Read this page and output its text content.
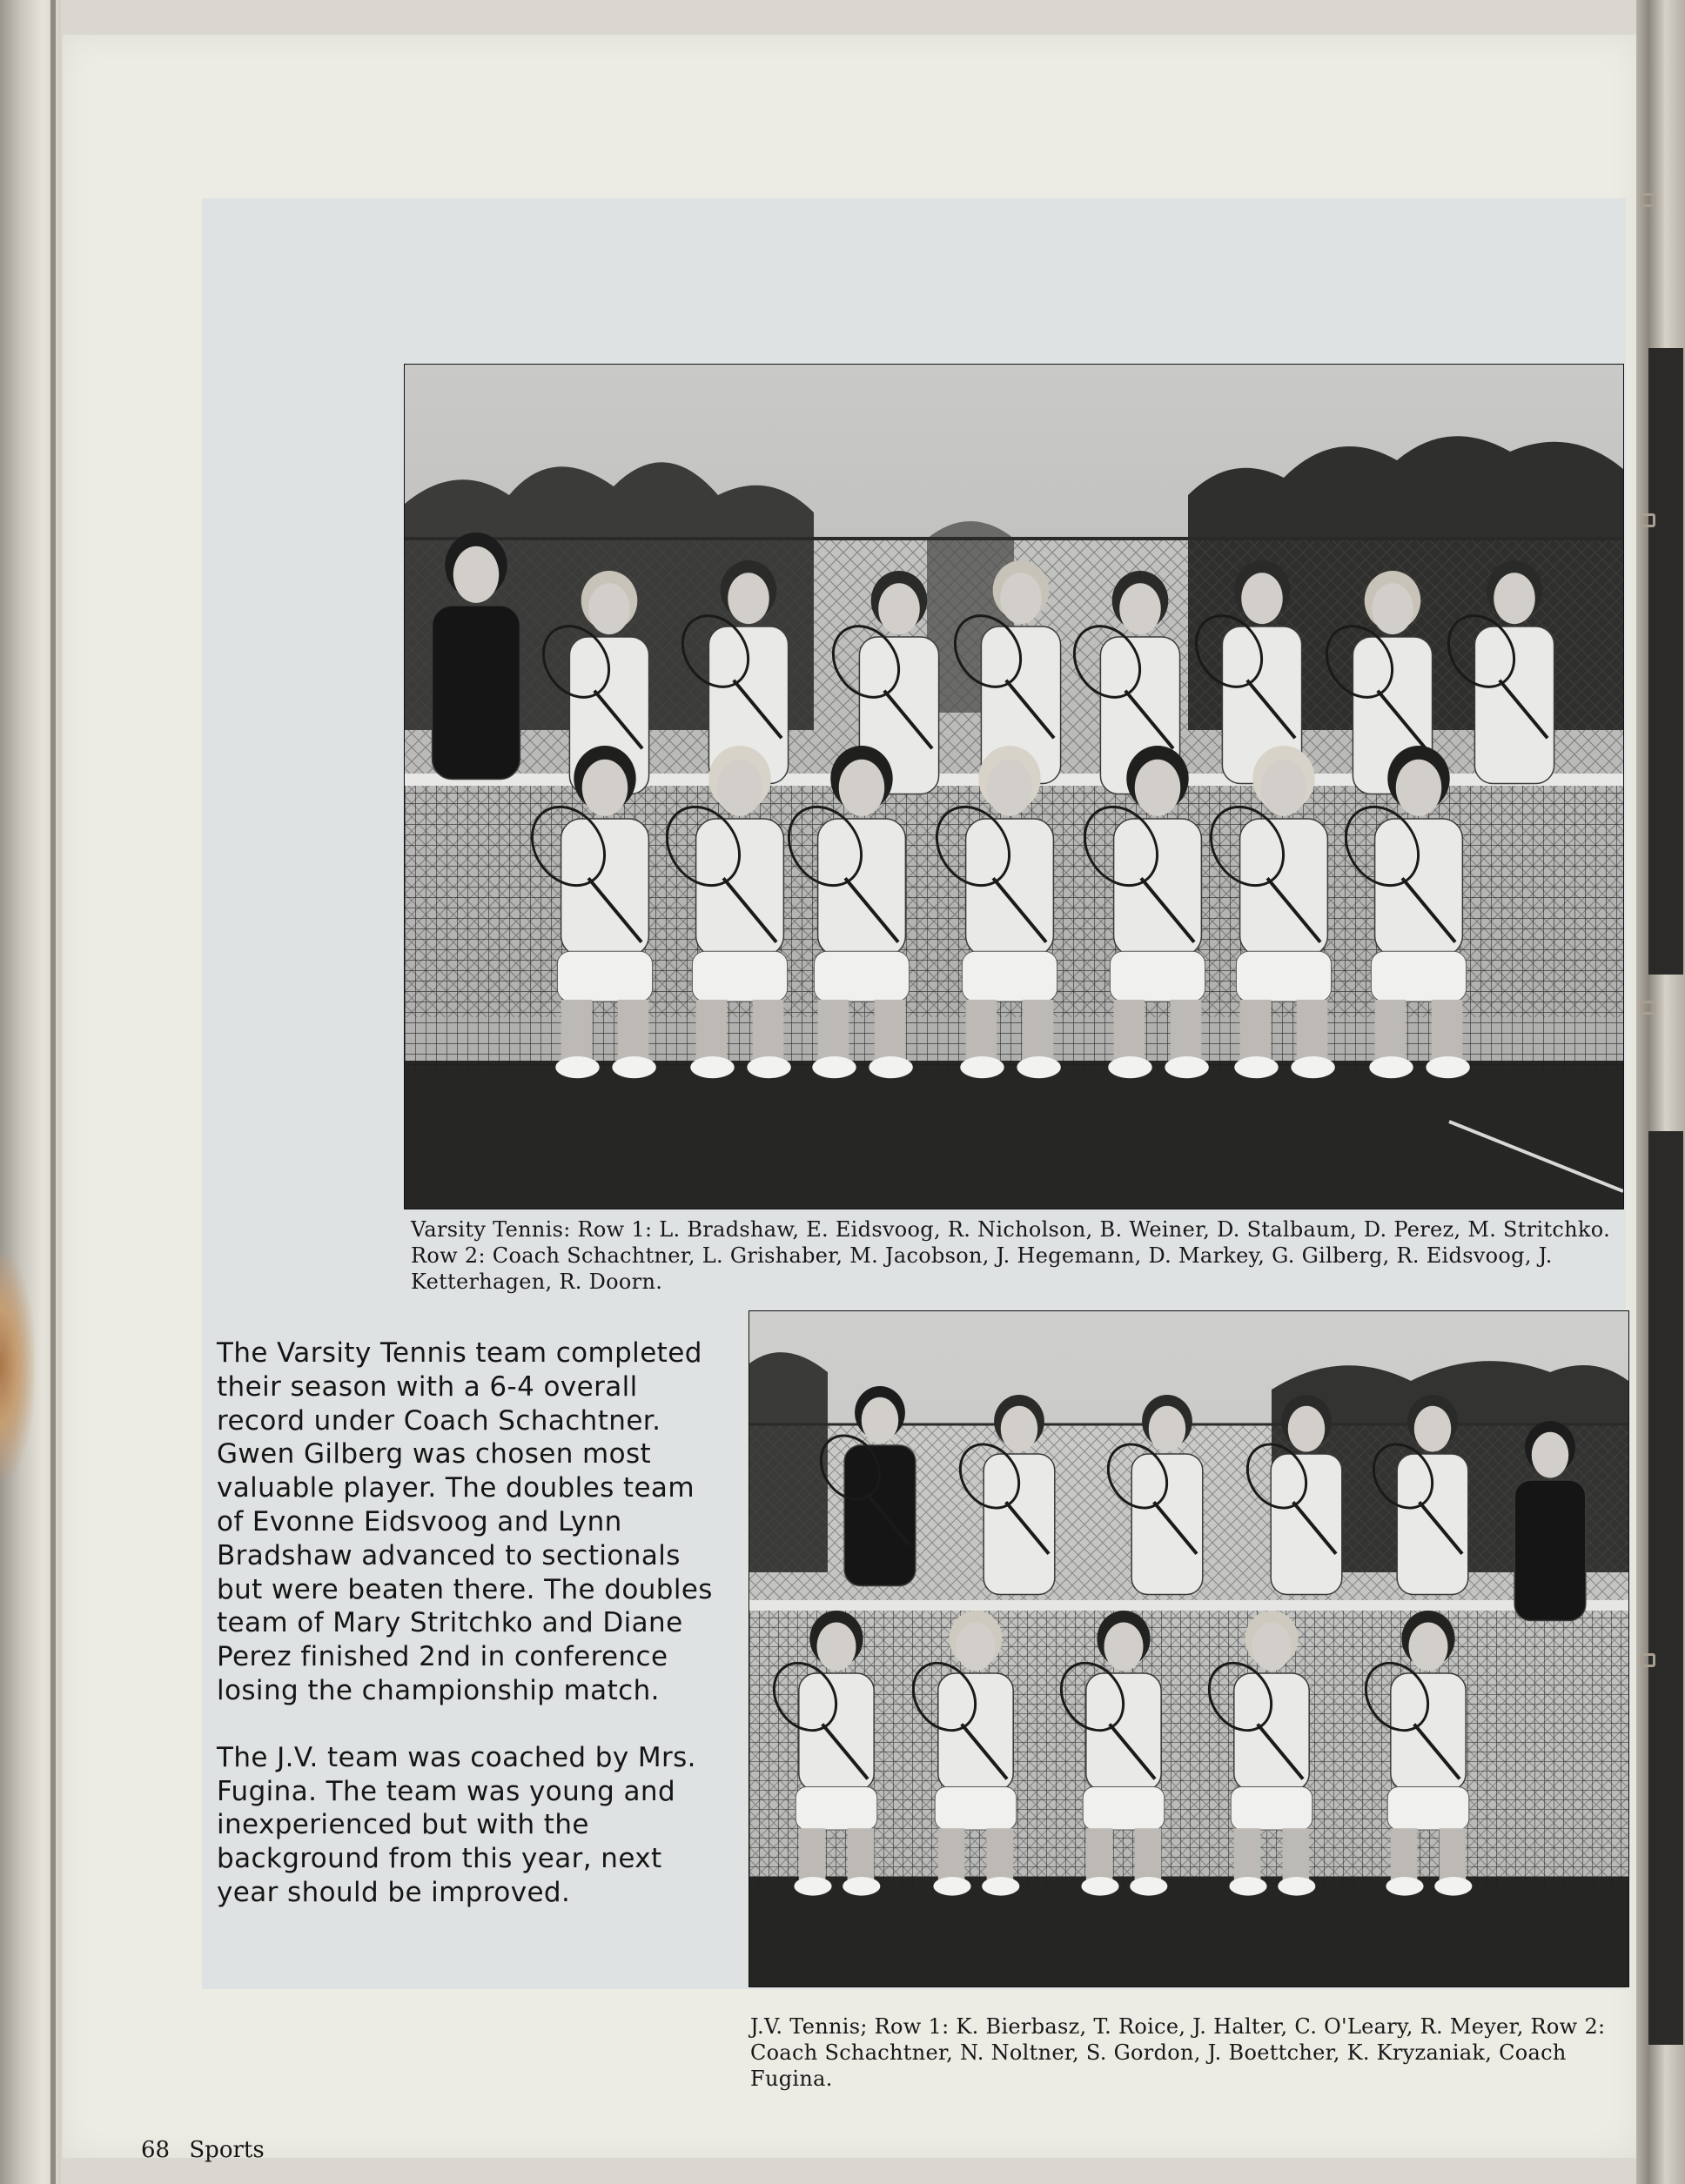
Varsity Tennis: Row 1: L. Bradshaw, E. Eidsvoog, R. Nicholson, B. Weiner, D. Stalbaum, D. Perez, M. Stritchko. Row 2: Coach Schachtner, L. Grishaber, M. Jacobson, J. Hegemann, D. Markey, G. Gilberg, R. Eidsvoog, J. Ketterhagen, R. Doorn.

The Varsity Tennis team completed their season with a 6-4 overall record under Coach Schachtner. Gwen Gilberg was chosen most valuable player. The doubles team of Evonne Eidsvoog and Lynn Bradshaw advanced to sectionals but were beaten there. The doubles team of Mary Stritchko and Diane Perez finished 2nd in conference losing the championship match.

The J.V. team was coached by Mrs. Fugina. The team was young and inexperienced but with the background from this year, next year should be improved.

J.V. Tennis; Row 1: K. Bierbasz, T. Roice, J. Halter, C. O'Leary, R. Meyer, Row 2: Coach Schachtner, N. Noltner, S. Gordon, J. Boettcher, K. Kryzaniak, Coach Fugina.

68 Sports
